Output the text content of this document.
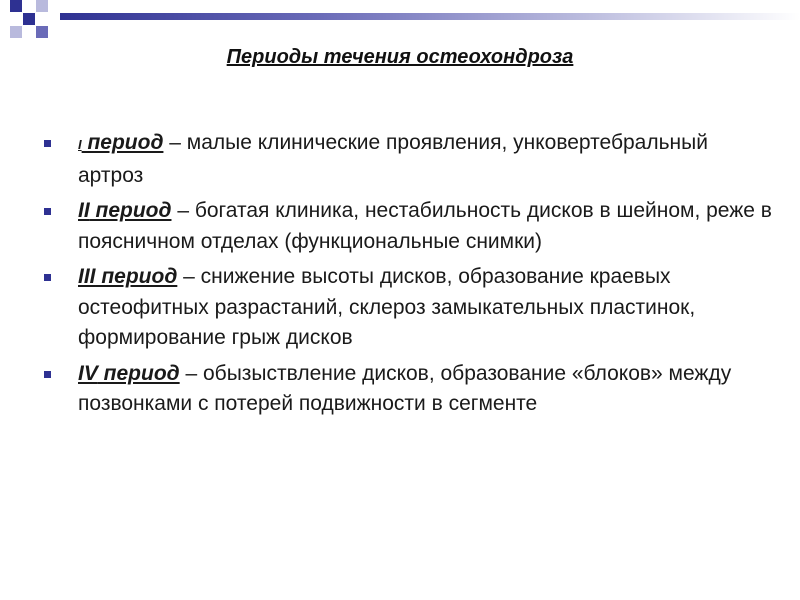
Периоды течения остеохондроза
I период – малые клинические проявления, унковертебральный артроз
II период – богатая клиника, нестабильность дисков в шейном, реже в поясничном отделах (функциональные снимки)
III период – снижение высоты дисков, образование краевых остеофитных разрастаний, склероз замыкательных пластинок, формирование грыж дисков
IV период – обызыствление дисков, образование «блоков» между позвонками с потерей подвижности в сегменте
